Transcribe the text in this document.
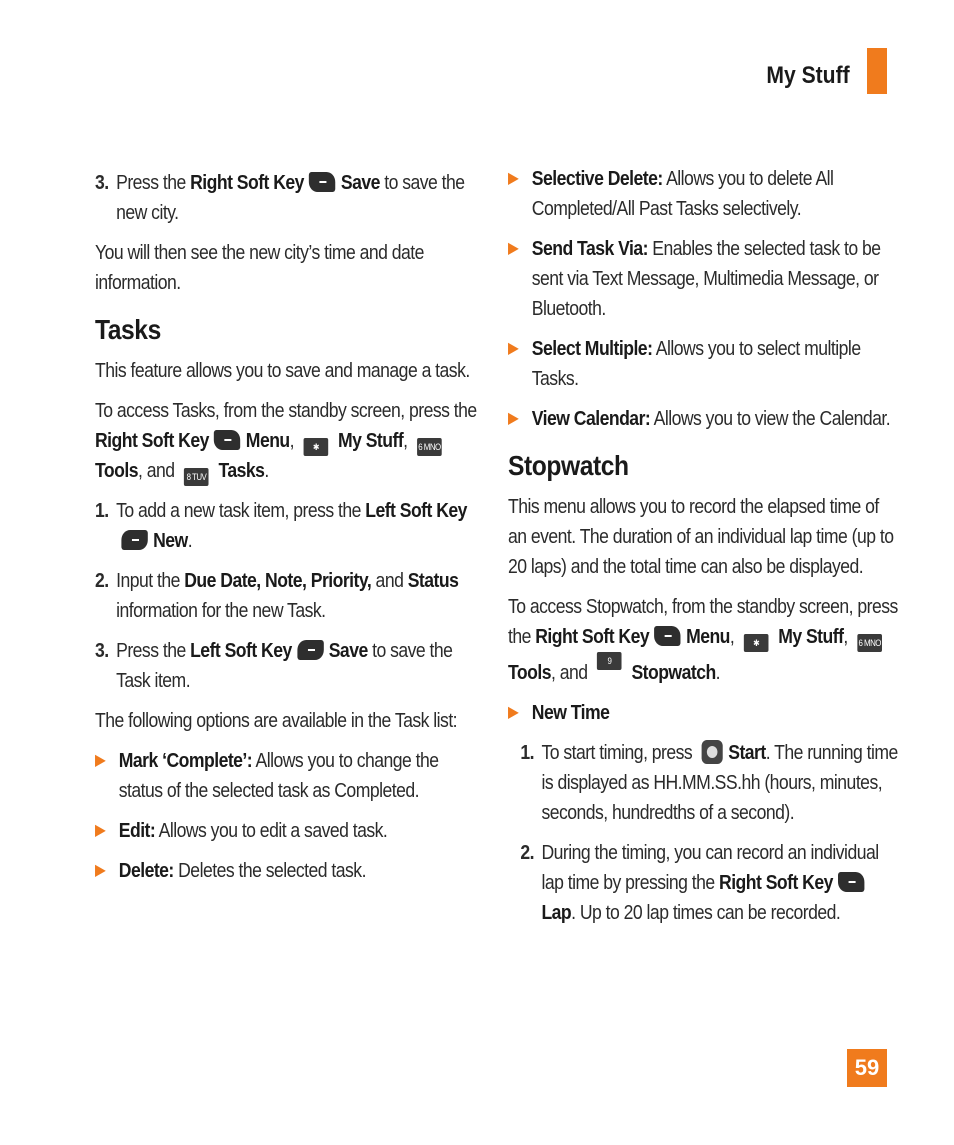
My Stuff
3. Press the Right Soft Key Save to save the new city.

You will then see the new city’s time and date information.

Tasks

This feature allows you to save and manage a task.

To access Tasks, from the standby screen, press the Right Soft Key Menu, ✱ My Stuff, 6 MNO Tools, and 8 TUV Tasks.

1. To add a new task item, press the Left Soft KeyNew.
2. Input the Due Date, Note, Priority, and Status information for the new Task.
3. Press the Left Soft Key Save to save the Task item.

The following options are available in the Task list:

▶ Mark ‘Complete’: Allows you to change the status of the selected task as Completed.
▶ Edit: Allows you to edit a saved task.
▶ Delete: Deletes the selected task.
▶ Selective Delete: Allows you to delete All Completed/All Past Tasks selectively.
▶ Send Task Via: Enables the selected task to be sent via Text Message, Multimedia Message, or Bluetooth.
▶ Select Multiple: Allows you to select multiple Tasks.
▶ View Calendar: Allows you to view the Calendar.
Stopwatch

This menu allows you to record the elapsed time of an event. The duration of an individual lap time (up to 20 laps) and the total time can also be displayed.

To access Stopwatch, from the standby screen, press the Right Soft Key Menu, ✱ My Stuff, 6 MNO Tools, and 9 WXYZ Stopwatch.

▶ New Time
1. To start timing, press Start. The running time is displayed as HH.MM.SS.hh (hours, minutes, seconds, hundredths of a second).
2. During the timing, you can record an individual lap time by pressing the Right Soft KeyLap. Up to 20 lap times can be recorded.
59
